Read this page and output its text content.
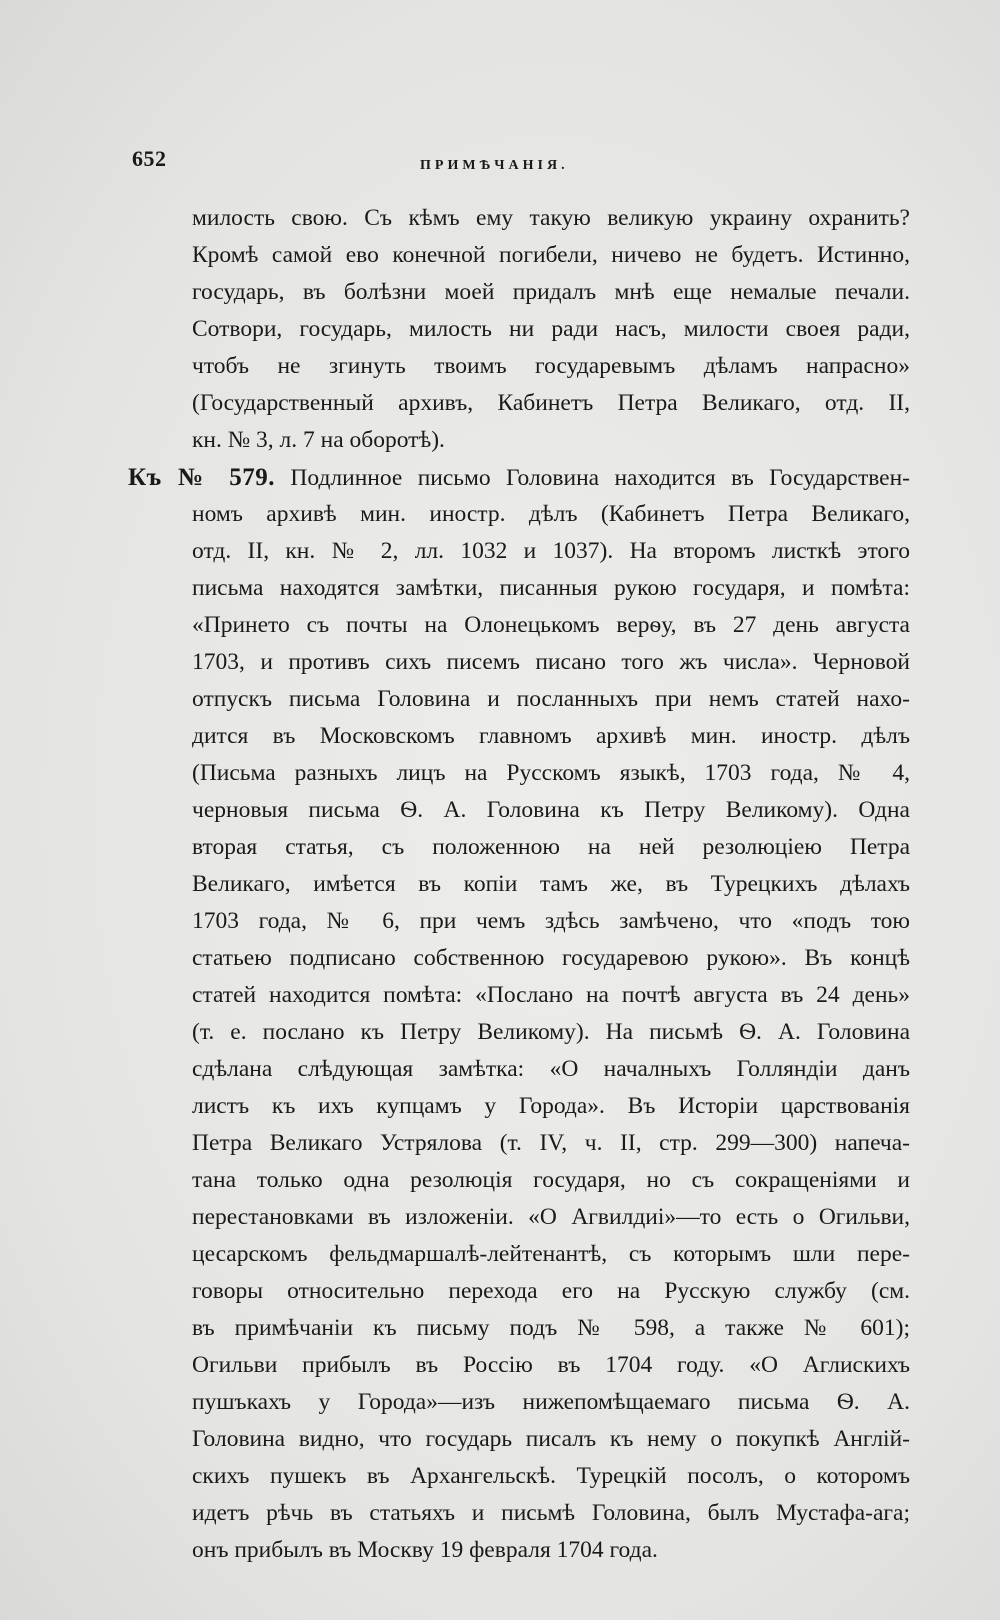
652	ПРИМѢЧАНІЯ.
милость свою. Съ кѣмъ ему такую великую украину охранить?
Кромѣ самой ево конечной погибели, ничево не будетъ. Истинно,
государь, въ болѣзни моей придалъ мнѣ еще немалые печали.
Сотвори, государь, милость ни ради насъ, милости своея ради,
чтобъ не згинуть твоимъ государевымъ дѣламъ напрасно»
(Государственный архивъ, Кабинетъ Петра Великаго, отд. II,
кн. № 3, л. 7 на оборотѣ).
Къ № 579. Подлинное письмо Головина находится въ Государствен-
номъ архивѣ мин. иностр. дѣлъ (Кабинетъ Петра Великаго,
отд. II, кн. № 2, лл. 1032 и 1037). На второмъ листкѣ этого
письма находятся замѣтки, писанныя рукою государя, и помѣта:
«Принето съ почты на Олонецькомъ верѳу, въ 27 день августа
1703, и противъ сихъ писемъ писано того жъ числа». Черновой
отпускъ письма Головина и посланныхъ при немъ статей нахо-
дится въ Московскомъ главномъ архивѣ мин. иностр. дѣлъ
(Письма разныхъ лицъ на Русскомъ языкѣ, 1703 года, № 4,
черновыя письма Ѳ. А. Головина къ Петру Великому). Одна
вторая статья, съ положенною на ней резолюціею Петра
Великаго, имѣется въ копіи тамъ же, въ Турецкихъ дѣлахъ
1703 года, № 6, при чемъ здѣсь замѣчено, что «подъ тою
статьею подписано собственною государевою рукою». Въ концѣ
статей находится помѣта: «Послано на почтѣ августа въ 24 день»
(т. е. послано къ Петру Великому). На письмѣ Ѳ. А. Головина
сдѣлана слѣдующая замѣтка: «О началныхъ Голляндіи данъ
листъ къ ихъ купцамъ у Города». Въ Исторіи царствованія
Петра Великаго Устрялова (т. IV, ч. II, стр. 299—300) напеча-
тана только одна резолюція государя, но съ сокращеніями и
перестановками въ изложеніи. «О Агвилдиі»—то есть о Огильви,
цесарскомъ фельдмаршалѣ-лейтенантѣ, съ которымъ шли пере-
говоры относительно перехода его на Русскую службу (см.
въ примѣчаніи къ письму подъ № 598, а также № 601);
Огильви прибылъ въ Россію въ 1704 году. «О Аглискихъ
пушъкахъ у Города»—изъ нижепомѣщаемаго письма Ѳ. А.
Головина видно, что государь писалъ къ нему о покупкѣ Англій-
скихъ пушекъ въ Архангельскѣ. Турецкій посолъ, о которомъ
идетъ рѣчь въ статьяхъ и письмѣ Головина, былъ Мустафа-ага;
онъ прибылъ въ Москву 19 февраля 1704 года.
